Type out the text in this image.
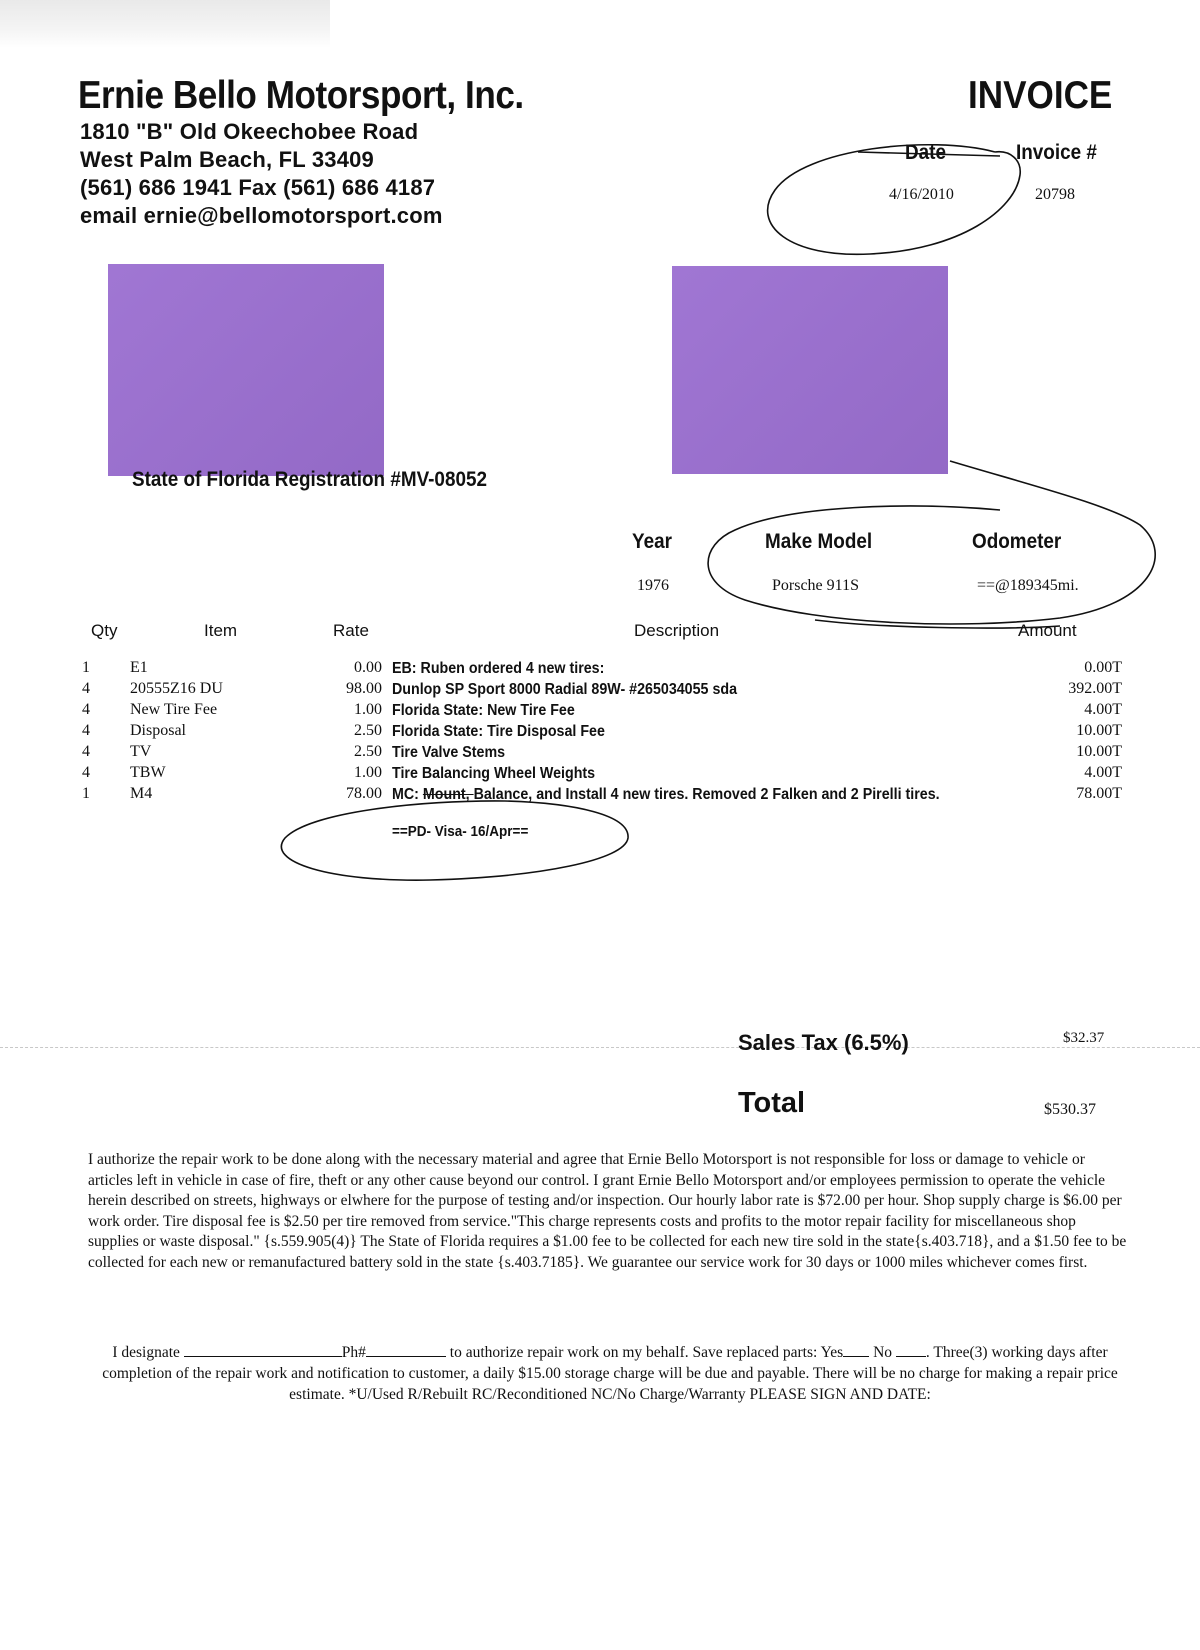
Ernie Bello Motorsport, Inc.
1810 "B" Old Okeechobee Road
West Palm Beach, FL 33409
(561) 686 1941 Fax (561) 686 4187
email ernie@bellomotorsport.com
INVOICE
Date	Invoice #
4/16/2010	20798
State of Florida Registration #MV-08052
Year	Make Model	Odometer
1976	Porsche 911S	==@189345mi.
Qty	Item	Rate	Description	Amount
1	E1	0.00 EB: Ruben ordered 4 new tires:	0.00T
4	20555Z16 DU	98.00 Dunlop SP Sport 8000 Radial 89W- #265034055 sda	392.00T
4	New Tire Fee	1.00 Florida State: New Tire Fee	4.00T
4	Disposal	2.50 Florida State: Tire Disposal Fee	10.00T
4	TV	2.50 Tire Valve Stems	10.00T
4	TBW	1.00 Tire Balancing Wheel Weights	4.00T
1	M4	78.00 MC: Mount, Balance, and Install 4 new tires. Removed 2 Falken and 2 Pirelli tires.	78.00T
==PD- Visa- 16/Apr==
Sales Tax (6.5%)	$32.37
Total	$530.37
I authorize the repair work to be done along with the necessary material and agree that Ernie Bello Motorsport is not responsible for loss or damage to vehicle or articles left in vehicle in case of fire, theft or any other cause beyond our control. I grant Ernie Bello Motorsport and/or employees permission to operate the vehicle herein described on streets, highways or elwhere for the purpose of testing and/or inspection. Our hourly labor rate is $72.00 per hour. Shop supply charge is $6.00 per work order. Tire disposal fee is $2.50 per tire removed from service."This charge represents costs and profits to the motor repair facility for miscellaneous shop supplies or waste disposal." {s.559.905(4)} The State of Florida requires a $1.00 fee to be collected for each new tire sold in the state{s.403.718}, and a $1.50 fee to be collected for each new or remanufactured battery sold in the state {s.403.7185}. We guarantee our service work for 30 days or 1000 miles whichever comes first.
I designate	Ph#	to authorize repair work on my behalf. Save replaced parts: Yes No . Three(3) working days after completion of the repair work and notification to customer, a daily $15.00 storage charge will be due and payable. There will be no charge for making a repair price estimate. *U/Used R/Rebuilt RC/Reconditioned NC/No Charge/Warranty PLEASE SIGN AND DATE:
